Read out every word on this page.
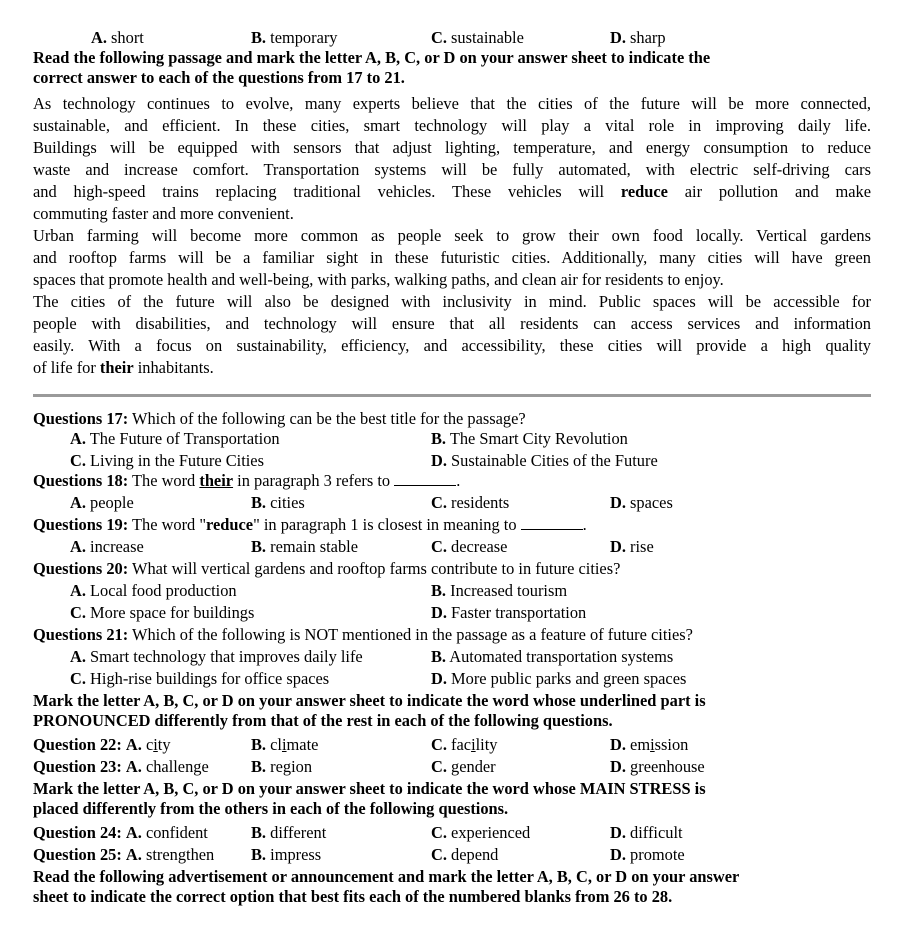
A. short	B. temporary	C. sustainable	D. sharp
Read the following passage and mark the letter A, B, C, or D on your answer sheet to indicate the
correct answer to each of the questions from 17 to 21.
As technology continues to evolve, many experts believe that the cities of the future will be more connected,
sustainable, and efficient. In these cities, smart technology will play a vital role in improving daily life.
Buildings will be equipped with sensors that adjust lighting, temperature, and energy consumption to reduce
waste and increase comfort. Transportation systems will be fully automated, with electric self-driving cars
and high-speed trains replacing traditional vehicles. These vehicles will reduce air pollution and make
commuting faster and more convenient.
Urban farming will become more common as people seek to grow their own food locally. Vertical gardens
and rooftop farms will be a familiar sight in these futuristic cities. Additionally, many cities will have green
spaces that promote health and well-being, with parks, walking paths, and clean air for residents to enjoy.
The cities of the future will also be designed with inclusivity in mind. Public spaces will be accessible for
people with disabilities, and technology will ensure that all residents can access services and information
easily. With a focus on sustainability, efficiency, and accessibility, these cities will provide a high quality
of life for their inhabitants.
Questions 17: Which of the following can be the best title for the passage?
A. The Future of Transportation	B. The Smart City Revolution
C. Living in the Future Cities	D. Sustainable Cities of the Future
Questions 18: The word their in paragraph 3 refers to	.
A. people	B. cities	C. residents	D. spaces
Questions 19: The word "reduce" in paragraph 1 is closest in meaning to	.
A. increase	B. remain stable	C. decrease	D. rise
Questions 20: What will vertical gardens and rooftop farms contribute to in future cities?
A. Local food production	B. Increased tourism
C. More space for buildings	D. Faster transportation
Questions 21: Which of the following is NOT mentioned in the passage as a feature of future cities?
A. Smart technology that improves daily life	B. Automated transportation systems
C. High-rise buildings for office spaces	D. More public parks and green spaces
Mark the letter A, B, C, or D on your answer sheet to indicate the word whose underlined part is
PRONOUNCED differently from that of the rest in each of the following questions.
Question 22: A. city	B. climate	C. facility	D. emission
Question 23: A. challenge	B. region	C. gender	D. greenhouse
Mark the letter A, B, C, or D on your answer sheet to indicate the word whose MAIN STRESS is
placed differently from the others in each of the following questions.
Question 24: A. confident	B. different	C. experienced	D. difficult
Question 25: A. strengthen B. impress	C. depend	D. promote
Read the following advertisement or announcement and mark the letter A, B, C, or D on your answer
sheet to indicate the correct option that best fits each of the numbered blanks from 26 to 28.
